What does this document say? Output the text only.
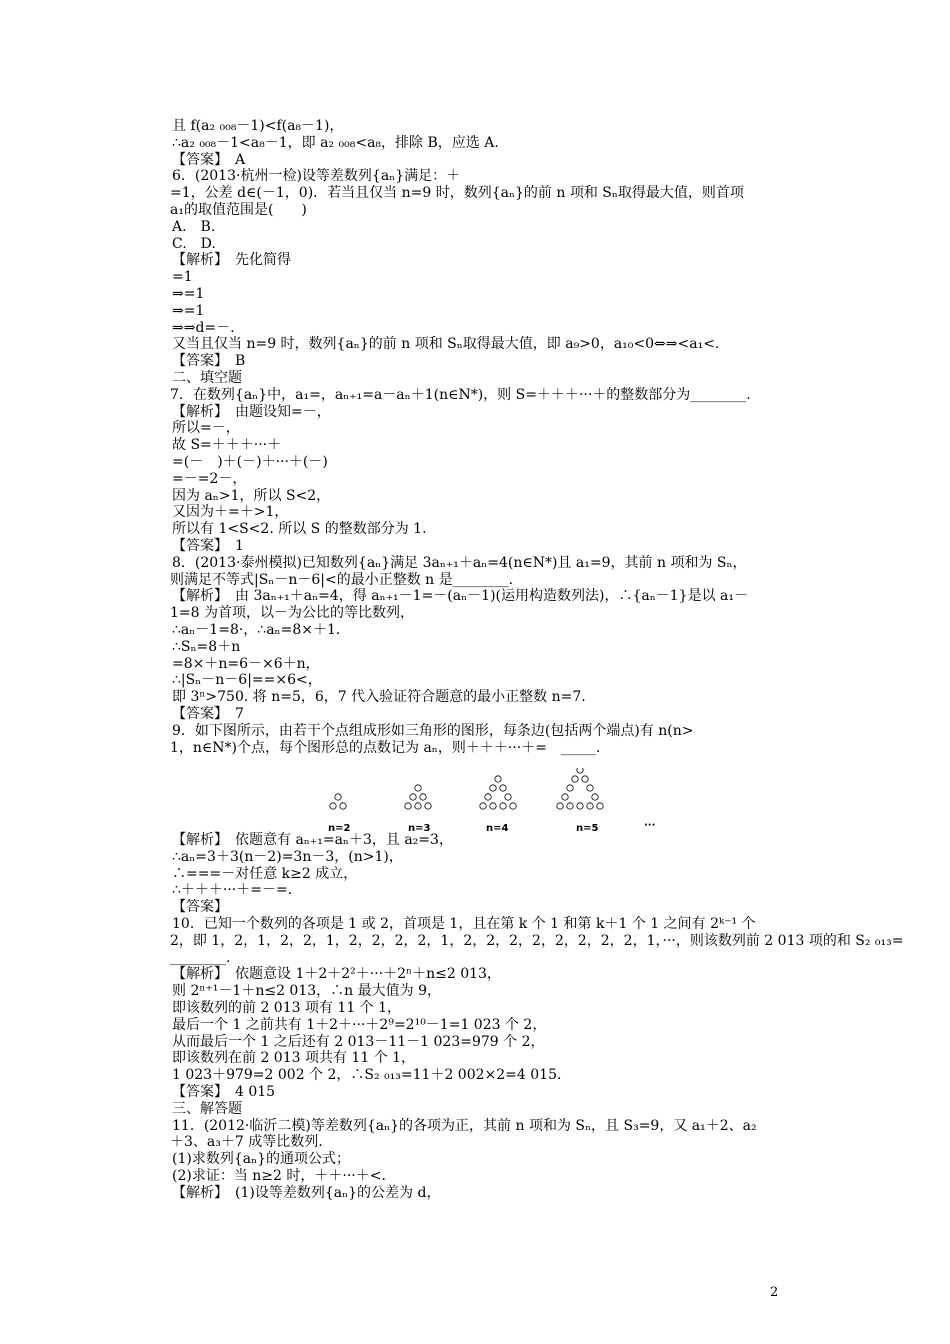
且 f(a₂ ₀₀₈－1)<f(a₈－1)，
∴a₂ ₀₀₈－1<a₈－1，即 a₂ ₀₀₈<a₈，排除 B，应选 A.
【答案】　A
6．(2013·杭州一检)设等差数列{aₙ}满足：＋
=1，公差 d∈(－1，0)．若当且仅当 n=9 时，数列{aₙ}的前 n 项和 Sₙ取得最大值，则首项
a₁的取值范围是(　　)
A.　B.
C.　D.
【解析】　先化简得
=1
⇒=1
⇒=1
⇒⇒d=－.
又当且仅当 n=9 时，数列{aₙ}的前 n 项和 Sₙ取得最大值，即 a₉>0，a₁₀<0⇔⇒<a₁<.
【答案】　B
二、填空题
7．在数列{aₙ}中，a₁=，aₙ₊₁=a－aₙ＋1(n∈N*)，则 S=＋＋＋···＋的整数部分为________.
【解析】　由题设知=－，
所以=－，
故 S=＋＋＋···＋
=(－　)＋(－)＋···＋(－)
=－=2－，
因为 aₙ>1，所以 S<2，
又因为＋=＋>1，
所以有 1<S<2. 所以 S 的整数部分为 1.
【答案】　1
8．(2013·泰州模拟)已知数列{aₙ}满足 3aₙ₊₁＋aₙ=4(n∈N*)且 a₁=9，其前 n 项和为 Sₙ，
则满足不等式|Sₙ－n－6|<的最小正整数 n 是________.
【解析】　由 3aₙ₊₁＋aₙ=4，得 aₙ₊₁－1=－(aₙ－1)(运用构造数列法)，∴{aₙ－1}是以 a₁－
1=8 为首项，以－为公比的等比数列，
∴aₙ－1=8·，∴aₙ=8×＋1.
∴Sₙ=8＋n
=8×＋n=6－×6＋n，
∴|Sₙ－n－6|==×6<，
即 3ⁿ>750. 将 n=5，6，7 代入验证符合题意的最小正整数 n=7.
【答案】　7
9．如下图所示，由若干个点组成形如三角形的图形，每条边(包括两个端点)有 n(n>
1，n∈N*)个点，每个图形总的点数记为 aₙ，则＋＋＋···＋=　_____.
【解析】　依题意有 aₙ₊₁=aₙ＋3，且 a₂=3，
∴aₙ=3＋3(n－2)=3n－3，(n>1)，
∴===－对任意 k≥2 成立，
∴＋＋＋···＋=－=.
【答案】
10．已知一个数列的各项是 1 或 2，首项是 1，且在第 k 个 1 和第 k＋1 个 1 之间有 2ᵏ⁻¹ 个
2，即 1，2，1，2，2，1，2，2，2，2，1，2，2，2，2，2，2，2，2，1，···，则该数列前 2 013 项的和 S₂ ₀₁₃=
________.
【解析】　依题意设 1＋2＋2²＋···＋2ⁿ＋n≤2 013，
则 2ⁿ⁺¹－1＋n≤2 013，∴n 最大值为 9，
即该数列的前 2 013 项有 11 个 1，
最后一个 1 之前共有 1＋2＋···＋2⁹=2¹⁰－1=1 023 个 2，
从而最后一个 1 之后还有 2 013－11－1 023=979 个 2，
即该数列在前 2 013 项共有 11 个 1，
1 023＋979=2 002 个 2，∴S₂ ₀₁₃=11＋2 002×2=4 015.
【答案】　4 015
三、解答题
11．(2012·临沂二模)等差数列{aₙ}的各项为正，其前 n 项和为 Sₙ，且 S₃=9，又 a₁＋2、a₂
＋3、a₃＋7 成等比数列.
(1)求数列{aₙ}的通项公式；
(2)求证：当 n≥2 时，＋＋···＋<.
【解析】　(1)设等差数列{aₙ}的公差为 d，
n=2	n=3	n=4	n=5	···
2
